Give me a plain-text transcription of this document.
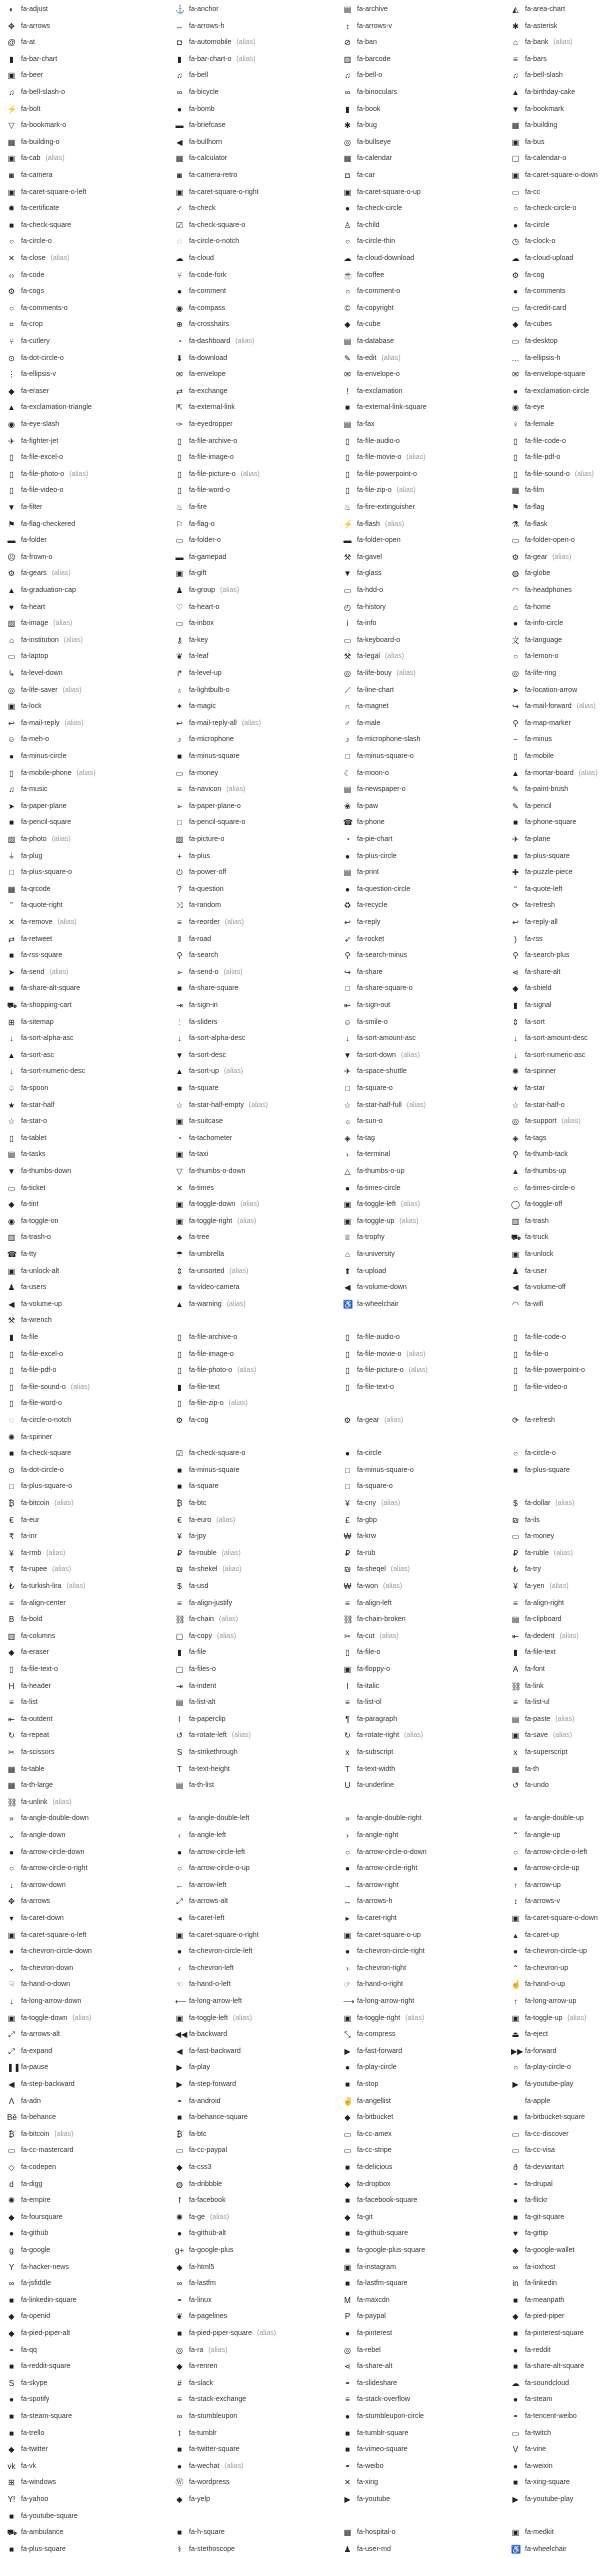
◐ fa-adjust	⚓ fa-anchor	▤ fa-archive	◭ fa-area-chart
✥ fa-arrows	↔ fa-arrows-h	↕	fa-arrows-v	✱ fa-asterisk
@ fa-at	◘ fa-automobile (alias)	⊘ fa-ban	⌂ fa-bank (alias)
▮	fa-bar-chart	▮	fa-bar-chart-o (alias)	▥ fa-barcode	≡	fa-bars
▣ fa-beer	♫ fa-bell	♫ fa-bell-o	♫ fa-bell-slash
♫ fa-bell-slash-o	∞ fa-bicycle	∞ fa-binoculars	▲ fa-birthday-cake
⚡ fa-bolt	● fa-bomb	▮	fa-book	▼ fa-bookmark
▽ fa-bookmark-o	▬ fa-briefcase	✱ fa-bug	▦ fa-building
▦ fa-building-o	◀ fa-bullhorn	◎ fa-bullseye	▣ fa-bus
▣ fa-cab (alias)	▦ fa-calculator	▦ fa-calendar	▢ fa-calendar-o
◙ fa-camera	◙ fa-camera-retro	◘ fa-car	▣ fa-caret-square-o-down
▣ fa-caret-square-o-left	▣ fa-caret-square-o-right	▣ fa-caret-square-o-up	▭ fa-cc
✹ fa-certificate	✓ fa-check	● fa-check-circle	○ fa-check-circle-o
■ fa-check-square	☑ fa-check-square-o	♙ fa-child	● fa-circle
○ fa-circle-o	◌	fa-circle-o-notch	○ fa-circle-thin	◷ fa-clock-o
✕ fa-close (alias)	☁ fa-cloud	☁ fa-cloud-download	☁ fa-cloud-upload
‹› fa-code	⑂ fa-code-fork	☕ fa-coffee	⚙ fa-cog
⚙ fa-cogs	● fa-comment	○ fa-comment-o	● fa-comments
○ fa-comments-o	◉ fa-compass	© fa-copyright	▭ fa-credit-card
⌗	fa-crop	⊕ fa-crosshairs	◆ fa-cube	◆ fa-cubes
⑂ fa-cutlery	◔ fa-dashboard (alias)	▤ fa-database	▭ fa-desktop
⊙ fa-dot-circle-o	⬇ fa-download	✎ fa-edit (alias)	… fa-ellipsis-h
⋮ fa-ellipsis-v	✉ fa-envelope	✉ fa-envelope-o	✉ fa-envelope-square
◆ fa-eraser	⇄ fa-exchange	!	fa-exclamation	● fa-exclamation-circle
▲ fa-exclamation-triangle	⇱ fa-external-link	■ fa-external-link-square	◉ fa-eye
◉ fa-eye-slash	✑ fa-eyedropper	▤ fa-fax	♀ fa-female
✈ fa-fighter-jet	▯	fa-file-archive-o	▯	fa-file-audio-o	▯	fa-file-code-o
▯	fa-file-excel-o	▯	fa-file-image-o	▯	fa-file-movie-o (alias)	▯	fa-file-pdf-o
▯	fa-file-photo-o (alias)	▯	fa-file-picture-o (alias)	▯	fa-file-powerpoint-o	▯	fa-file-sound-o (alias)
▯	fa-file-video-o	▯	fa-file-word-o	▯	fa-file-zip-o (alias)	▦ fa-film
▼ fa-filter	♨ fa-fire	♨ fa-fire-extinguisher	⚑ fa-flag
⚑ fa-flag-checkered	⚐ fa-flag-o	⚡ fa-flash (alias)	⚗ fa-flask
▬ fa-folder	▭ fa-folder-o	▬ fa-folder-open	▭ fa-folder-open-o
☹ fa-frown-o	▬ fa-gamepad	⚒ fa-gavel	⚙ fa-gear (alias)
⚙ fa-gears (alias)	▣ fa-gift	▼ fa-glass	◍ fa-globe
▲ fa-graduation-cap	♟ fa-group (alias)	▭ fa-hdd-o	◠ fa-headphones
♥	fa-heart	♡ fa-heart-o	◴ fa-history	⌂ fa-home
▨ fa-image (alias)	▭ fa-inbox	i	fa-info	● fa-info-circle
⌂ fa-institution (alias)	⚷ fa-key	▭ fa-keyboard-o	文 fa-language
▭ fa-laptop	❦ fa-leaf	⚒ fa-legal (alias)	○ fa-lemon-o
↳ fa-level-down	↱ fa-level-up	◎ fa-life-bouy (alias)	◎ fa-life-ring
◎ fa-life-saver (alias)	♁ fa-lightbulb-o	⟋ fa-line-chart	➤ fa-location-arrow
▣ fa-lock	✦ fa-magic	∩ fa-magnet	↪ fa-mail-forward (alias)
↩ fa-mail-reply (alias)	↩ fa-mail-reply-all (alias)	♂ fa-male	⚲ fa-map-marker
☺ fa-meh-o	♪	fa-microphone	♪	fa-microphone-slash	−	fa-minus
● fa-minus-circle	■ fa-minus-square	□ fa-minus-square-o	▯	fa-mobile
▯	fa-mobile-phone (alias)	▭ fa-money	☾ fa-moon-o	▲ fa-mortar-board (alias)
♫ fa-music	≡	fa-navicon (alias)	▤ fa-newspaper-o	✎ fa-paint-brush
➤ fa-paper-plane	➢ fa-paper-plane-o	❀ fa-paw	✎ fa-pencil
■ fa-pencil-square	□ fa-pencil-square-o	☎ fa-phone	■ fa-phone-square
▨ fa-photo (alias)	▨ fa-picture-o	◔ fa-pie-chart	✈ fa-plane
⏚ fa-plug	+	fa-plus	● fa-plus-circle	■ fa-plus-square
□ fa-plus-square-o	⏻ fa-power-off	▤ fa-print	✚ fa-puzzle-piece
▦ fa-qrcode	?	fa-question	● fa-question-circle	“	fa-quote-left
”	fa-quote-right	⤨ fa-random	♻ fa-recycle	⟳ fa-refresh
✕ fa-remove (alias)	≡	fa-reorder (alias)	↩ fa-reply	↩ fa-reply-all
⇄ fa-retweet	‖	fa-road	➶ fa-rocket	)	fa-rss
■ fa-rss-square	⚲ fa-search	⚲ fa-search-minus	⚲ fa-search-plus
➤ fa-send (alias)	➢ fa-send-o (alias)	↪ fa-share	⋖ fa-share-alt
■ fa-share-alt-square	■ fa-share-square	□ fa-share-square-o	◆ fa-shield
⛟ fa-shopping-cart	⇥ fa-sign-in	⇤ fa-sign-out	▮	fa-signal
⊞ fa-sitemap	⫶	fa-sliders	☺ fa-smile-o	⇕ fa-sort
↓	fa-sort-alpha-asc	↓	fa-sort-alpha-desc	↓	fa-sort-amount-asc	↓	fa-sort-amount-desc
▲ fa-sort-asc	▼ fa-sort-desc	▼ fa-sort-down (alias)	↓	fa-sort-numeric-asc
↓	fa-sort-numeric-desc	▲ fa-sort-up (alias)	✈ fa-space-shuttle	✺ fa-spinner
♤ fa-spoon	■ fa-square	□ fa-square-o	★ fa-star
★ fa-star-half	☆ fa-star-half-empty (alias)	☆ fa-star-half-full (alias)	☆ fa-star-half-o
☆ fa-star-o	▣ fa-suitcase	☼ fa-sun-o	◎ fa-support (alias)
▯	fa-tablet	◔ fa-tachometer	◈ fa-tag	◈ fa-tags
▤ fa-tasks	▣ fa-taxi	›	fa-terminal	⚲ fa-thumb-tack
▼ fa-thumbs-down	▽ fa-thumbs-o-down	△ fa-thumbs-o-up	▲ fa-thumbs-up
▭ fa-ticket	✕ fa-times	● fa-times-circle	○ fa-times-circle-o
◆ fa-tint	▣ fa-toggle-down (alias)	▣ fa-toggle-left (alias)	◯ fa-toggle-off
◉ fa-toggle-on	▣ fa-toggle-right (alias)	▣ fa-toggle-up (alias)	▥ fa-trash
▥ fa-trash-o	♣ fa-tree	♕ fa-trophy	⛟ fa-truck
☎ fa-tty	☂ fa-umbrella	⌂ fa-university	▣ fa-unlock
▣ fa-unlock-alt	⇕ fa-unsorted (alias)	⬆ fa-upload	♟ fa-user
♟ fa-users	■ fa-video-camera	◀ fa-volume-down	◀ fa-volume-off
◀ fa-volume-up	▲ fa-warning (alias)	♿ fa-wheelchair	◠ fa-wifi
⚒ fa-wrench
▮	fa-file	▯	fa-file-archive-o	▯	fa-file-audio-o	▯	fa-file-code-o
▯	fa-file-excel-o	▯	fa-file-image-o	▯	fa-file-movie-o (alias)	▯	fa-file-o
▯	fa-file-pdf-o	▯	fa-file-photo-o (alias)	▯	fa-file-picture-o (alias)	▯	fa-file-powerpoint-o
▯	fa-file-sound-o (alias)	▮	fa-file-text	▯	fa-file-text-o	▯	fa-file-video-o
▯	fa-file-word-o	▯	fa-file-zip-o (alias)
◌	fa-circle-o-notch	⚙ fa-cog	⚙ fa-gear (alias)	⟳ fa-refresh
✺ fa-spinner
■ fa-check-square	☑ fa-check-square-o	● fa-circle	○ fa-circle-o
⊙ fa-dot-circle-o	■ fa-minus-square	□ fa-minus-square-o	■ fa-plus-square
□ fa-plus-square-o	■ fa-square	□ fa-square-o
₿ fa-bitcoin (alias)	₿ fa-btc	¥	fa-cny (alias)	$	fa-dollar (alias)
€	fa-eur	€	fa-euro (alias)	£	fa-gbp	₪ fa-ils
₹ fa-inr	¥	fa-jpy	₩ fa-krw	▭ fa-money
¥	fa-rmb (alias)	₽ fa-rouble (alias)	₽ fa-rub	₽ fa-ruble (alias)
₹ fa-rupee (alias)	₪ fa-shekel (alias)	₪ fa-sheqel (alias)	₺ fa-try
₺ fa-turkish-lira (alias)	$	fa-usd	₩ fa-won (alias)	¥	fa-yen (alias)
≡	fa-align-center	≡	fa-align-justify	≡	fa-align-left	≡	fa-align-right
B fa-bold	⛓ fa-chain (alias)	⛓ fa-chain-broken	▤ fa-clipboard
▥ fa-columns	▢ fa-copy (alias)	✂ fa-cut (alias)	⇤ fa-dedent (alias)
◆ fa-eraser	▮	fa-file	▯	fa-file-o	▮	fa-file-text
▯	fa-file-text-o	▢ fa-files-o	▣ fa-floppy-o	A fa-font
H fa-header	⇥ fa-indent	I	fa-italic	⛓ fa-link
≡	fa-list	▤ fa-list-alt	≡	fa-list-ol	≡	fa-list-ul
⇤ fa-outdent	⌇	fa-paperclip	¶	fa-paragraph	▤ fa-paste (alias)
↻ fa-repeat	↺ fa-rotate-left (alias)	↻ fa-rotate-right (alias)	▣ fa-save (alias)
✂ fa-scissors	S fa-strikethrough	x	fa-subscript	x	fa-superscript
▦ fa-table	T fa-text-height	T fa-text-width	▦ fa-th
▦ fa-th-large	▤ fa-th-list	U fa-underline	↺ fa-undo
⛓ fa-unlink (alias)
»	fa-angle-double-down	«	fa-angle-double-left	»	fa-angle-double-right	«	fa-angle-double-up
⌄ fa-angle-down	‹	fa-angle-left	›	fa-angle-right	⌃ fa-angle-up
● fa-arrow-circle-down	● fa-arrow-circle-left	○ fa-arrow-circle-o-down	○ fa-arrow-circle-o-left
○ fa-arrow-circle-o-right	○ fa-arrow-circle-o-up	● fa-arrow-circle-right	● fa-arrow-circle-up
↓	fa-arrow-down	← fa-arrow-left	→ fa-arrow-right	↑	fa-arrow-up
✥ fa-arrows	⤢ fa-arrows-alt	↔ fa-arrows-h	↕	fa-arrows-v
▾	fa-caret-down	◂	fa-caret-left	▸	fa-caret-right	▣ fa-caret-square-o-down
▣ fa-caret-square-o-left	▣ fa-caret-square-o-right	▣ fa-caret-square-o-up	▴	fa-caret-up
● fa-chevron-circle-down	● fa-chevron-circle-left	● fa-chevron-circle-right	● fa-chevron-circle-up
⌄ fa-chevron-down	‹	fa-chevron-left	›	fa-chevron-right	⌃ fa-chevron-up
☟ fa-hand-o-down	☜ fa-hand-o-left	☞ fa-hand-o-right	☝ fa-hand-o-up
↓	fa-long-arrow-down	⟵ fa-long-arrow-left	⟶ fa-long-arrow-right	↑	fa-long-arrow-up
▣ fa-toggle-down (alias)	▣ fa-toggle-left (alias)	▣ fa-toggle-right (alias)	▣ fa-toggle-up (alias)
⤢ fa-arrows-alt	◀◀ fa-backward	⤡ fa-compress	⏏ fa-eject
⤢ fa-expand	◀ fa-fast-backward	▶ fa-fast-forward	▶▶ fa-forward
❚❚ fa-pause	▶ fa-play	● fa-play-circle	○ fa-play-circle-o
◀ fa-step-backward	▶ fa-step-forward	■ fa-stop	▶ fa-youtube-play
Λ fa-adn	◓ fa-android	✌ fa-angellist	fa-apple
Bē fa-behance	■ fa-behance-square	◆ fa-bitbucket	■ fa-bitbucket-square
₿ fa-bitcoin (alias)	₿ fa-btc	▭ fa-cc-amex	▭ fa-cc-discover
▭ fa-cc-mastercard	▭ fa-cc-paypal	▭ fa-cc-stripe	▭ fa-cc-visa
◇ fa-codepen	◆ fa-css3	■ fa-delicious	ð	fa-deviantart
d	fa-digg	◍ fa-dribbble	◆ fa-dropbox	◓ fa-drupal
✺ fa-empire	f	fa-facebook	■ fa-facebook-square	● fa-flickr
◆ fa-foursquare	✺ fa-ge (alias)	◆ fa-git	■ fa-git-square
● fa-github	● fa-github-alt	■ fa-github-square	♥	fa-gittip
g	fa-google	g+ fa-google-plus	■ fa-google-plus-square	◆ fa-google-wallet
Y fa-hacker-news	◆ fa-html5	▣ fa-instagram	∞ fa-ioxhost
∞ fa-jsfiddle	∞ fa-lastfm	■ fa-lastfm-square	in fa-linkedin
■ fa-linkedin-square	◓ fa-linux	M fa-maxcdn	■ fa-meanpath
◆ fa-openid	❦ fa-pagelines	P fa-paypal	◆ fa-pied-piper
◆ fa-pied-piper-alt	■ fa-pied-piper-square (alias)	● fa-pinterest	■ fa-pinterest-square
◓ fa-qq	◎ fa-ra (alias)	◎ fa-rebel	● fa-reddit
■ fa-reddit-square	◆ fa-renren	⋖ fa-share-alt	■ fa-share-alt-square
S fa-skype	#	fa-slack	◓ fa-slideshare	☁ fa-soundcloud
● fa-spotify	≡	fa-stack-exchange	≡	fa-stack-overflow	● fa-steam
■ fa-steam-square	∞ fa-stumbleupon	● fa-stumbleupon-circle	◓ fa-tencent-weibo
■ fa-trello	t	fa-tumblr	■ fa-tumblr-square	▭ fa-twitch
◆ fa-twitter	■ fa-twitter-square	■ fa-vimeo-square	V fa-vine
vk fa-vk	● fa-wechat (alias)	◓ fa-weibo	● fa-weixin
⊞ fa-windows	Ⓦ fa-wordpress	✕ fa-xing	■ fa-xing-square
Y! fa-yahoo	◆ fa-yelp	▶ fa-youtube	▶ fa-youtube-play
■ fa-youtube-square
⛟ fa-ambulance	■ fa-h-square	▦ fa-hospital-o	▣ fa-medkit
■ fa-plus-square	⚕	fa-stethoscope	♟ fa-user-md	♿ fa-wheelchair
